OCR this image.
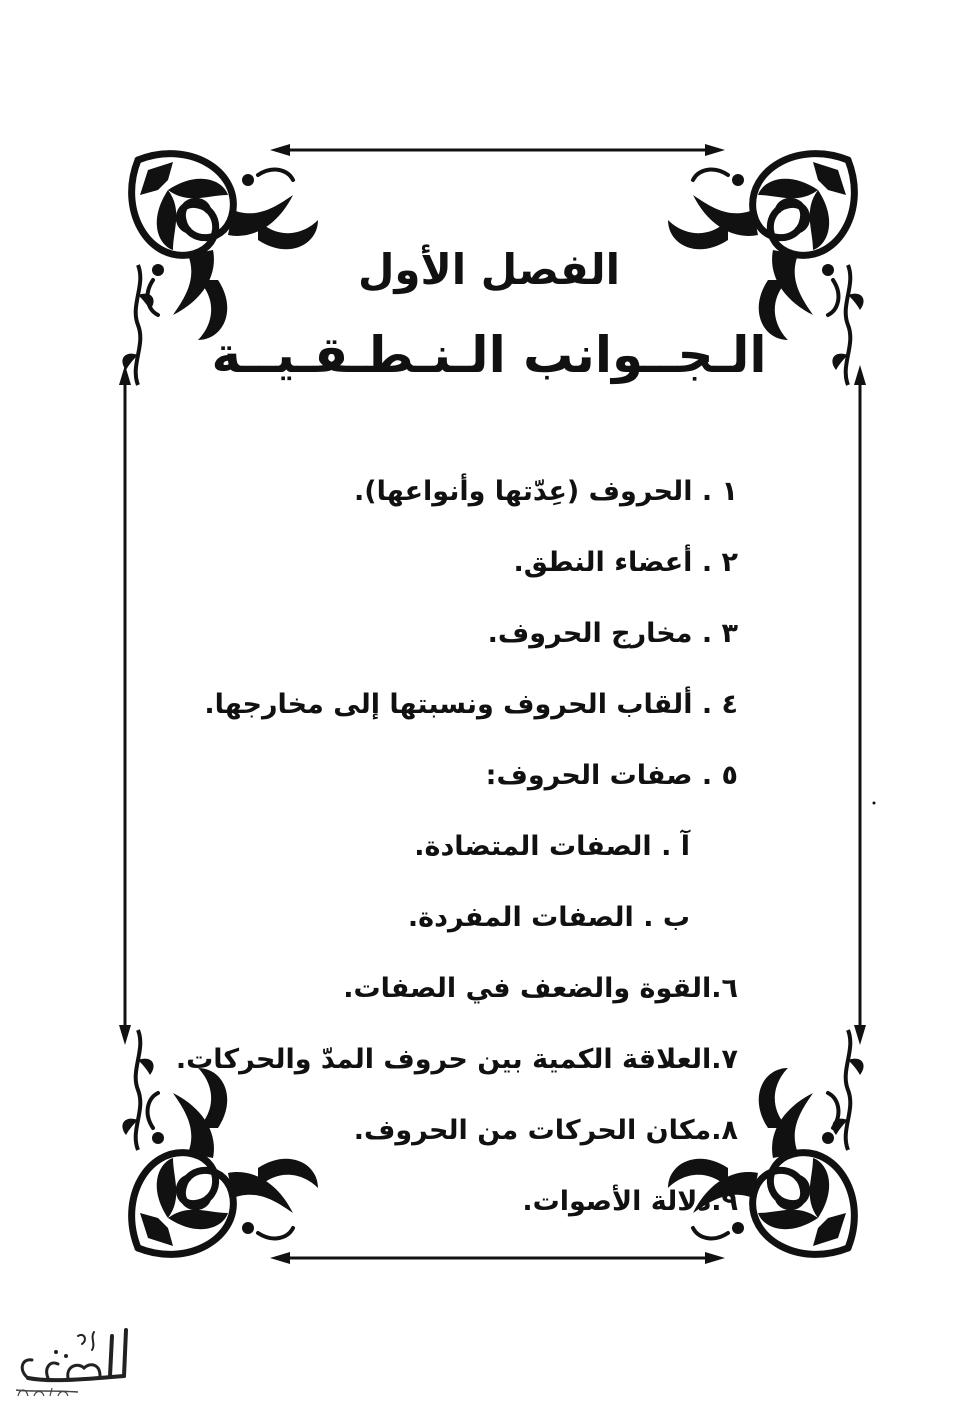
الفصل الأول
الـجــوانب الـنـطـقـيــة
١ . الحروف (عِدّتها وأنواعها).
٢ . أعضاء النطق.
٣ . مخارج الحروف.
٤ . ألقاب الحروف ونسبتها إلى مخارجها.
٥ . صفات الحروف:
آ . الصفات المتضادة.
ب . الصفات المفردة.
٦.القوة والضعف في الصفات.
٧.العلاقة الكمية بين حروف المدّ والحركات.
٨.مكان الحركات من الحروف.
٩.دلالة الأصوات.
